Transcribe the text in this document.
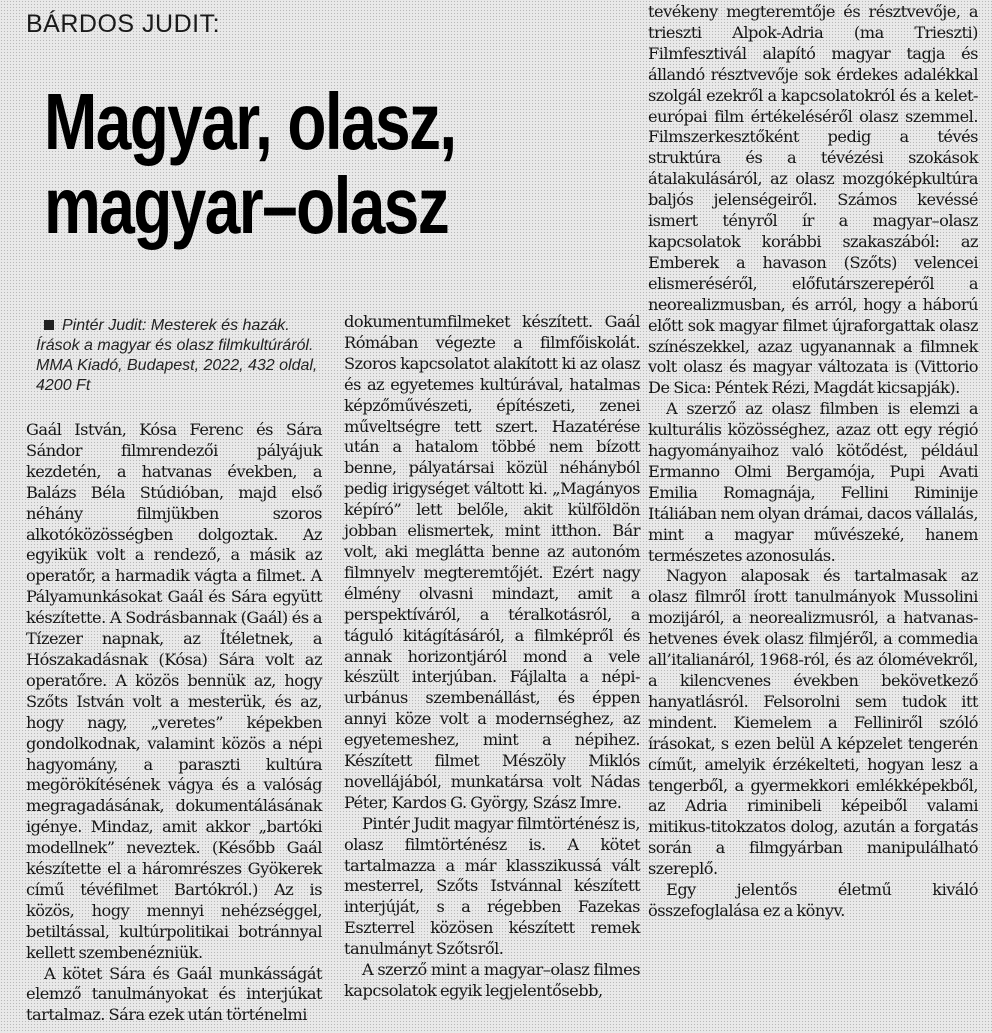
BÁRDOS JUDIT:
Magyar, olasz,
magyar–olasz

Pintér Judit: Mesterek és hazák. Írások a magyar és olasz filmkultúráról. MMA Kiadó, Budapest, 2022, 432 oldal, 4200 Ft

Gaál István, Kósa Ferenc és Sára Sándor filmrendezői pályájuk kezdetén, a hatvanas években, a Balázs Béla Stúdióban, majd első néhány filmjükben szoros alkotóközösségben dolgoztak. Az egyikük volt a rendező, a másik az operatőr, a harmadik vágta a filmet. A Pályamunkásokat Gaál és Sára együtt készítette. A Sodrásbannak (Gaál) és a Tízezer napnak, az Ítéletnek, a Hószakadásnak (Kósa) Sára volt az operatőre. A közös bennük az, hogy Szőts István volt a mesterük, és az, hogy nagy, „veretes” képekben gondolkodnak, valamint közös a népi hagyomány, a paraszti kultúra megörökítésének vágya és a valóság megragadásának, dokumentálásának igénye. Mindaz, amit akkor „bartóki modellnek” neveztek. (Később Gaál készítette el a háromrészes Gyökerek című tévéfilmet Bartókról.) Az is közös, hogy mennyi nehézséggel, betiltással, kultúrpolitikai botránnyal kellett szembenézniük.

A kötet Sára és Gaál munkásságát elemző tanulmányokat és interjúkat tartalmaz. Sára ezek után történelmi

dokumentumfilmeket készített. Gaál Rómában végezte a filmfőiskolát. Szoros kapcsolatot alakított ki az olasz és az egyetemes kultúrával, hatalmas képzőművészeti, építészeti, zenei műveltségre tett szert. Hazatérése után a hatalom többé nem bízott benne, pályatársai közül néhányból pedig irigységet váltott ki. „Magányos képíró” lett belőle, akit külföldön jobban elismertek, mint itthon. Bár volt, aki meglátta benne az autonóm filmnyelv megteremtőjét. Ezért nagy élmény olvasni mindazt, amit a perspektíváról, a téralkotásról, a táguló kitágításáról, a filmképről és annak horizontjáról mond a vele készült interjúban. Fájlalta a népi-urbánus szembenállást, és éppen annyi köze volt a modernséghez, az egyetemeshez, mint a népihez. Készített filmet Mészöly Miklós novellájából, munkatársa volt Nádas Péter, Kardos G. György, Szász Imre.

Pintér Judit magyar filmtörténész is, olasz filmtörténész is. A kötet tartalmazza a már klasszikussá vált mesterrel, Szőts Istvánnal készített interjúját, s a régebben Fazekas Eszterrel közösen készített remek tanulmányt Szőtsről.

A szerző mint a magyar–olasz filmes kapcsolatok egyik legjelentősebb,

tevékeny megteremtője és résztvevője, a trieszti Alpok-Adria (ma Trieszti) Filmfesztivál alapító magyar tagja és állandó résztvevője sok érdekes adalékkal szolgál ezekről a kapcsolatokról és a kelet-európai film értékeléséről olasz szemmel. Filmszerkesztőként pedig a tévés struktúra és a tévézési szokások átalakulásáról, az olasz mozgóképkultúra baljós jelenségeiről. Számos kevéssé ismert tényről ír a magyar–olasz kapcsolatok korábbi szakaszából: az Emberek a havason (Szőts) velencei elismeréséről, előfutárszerepéről a neorealizmusban, és arról, hogy a háború előtt sok magyar filmet újraforgattak olasz színészekkel, azaz ugyanannak a filmnek volt olasz és magyar változata is (Vittorio De Sica: Péntek Rézi, Magdát kicsapják).

A szerző az olasz filmben is elemzi a kulturális közösséghez, azaz ott egy régió hagyományaihoz való kötődést, például Ermanno Olmi Bergamója, Pupi Avati Emilia Romagnája, Fellini Riminije Itáliában nem olyan drámai, dacos vállalás, mint a magyar művészeké, hanem természetes azonosulás.

Nagyon alaposak és tartalmasak az olasz filmről írott tanulmányok Mussolini mozijáról, a neorealizmusról, a hatvanas-hetvenes évek olasz filmjéről, a commedia all’italianáról, 1968-ról, és az ólomévekről, a kilencvenes években bekövetkező hanyatlásról. Felsorolni sem tudok itt mindent. Kiemelem a Felliniről szóló írásokat, s ezen belül A képzelet tengerén címűt, amelyik érzékelteti, hogyan lesz a tengerből, a gyermekkori emlékképekből, az Adria riminibeli képeiből valami mitikus-titokzatos dolog, azután a forgatás során a filmgyárban manipulálható szereplő.

Egy jelentős életmű kiváló összefoglalása ez a könyv.
